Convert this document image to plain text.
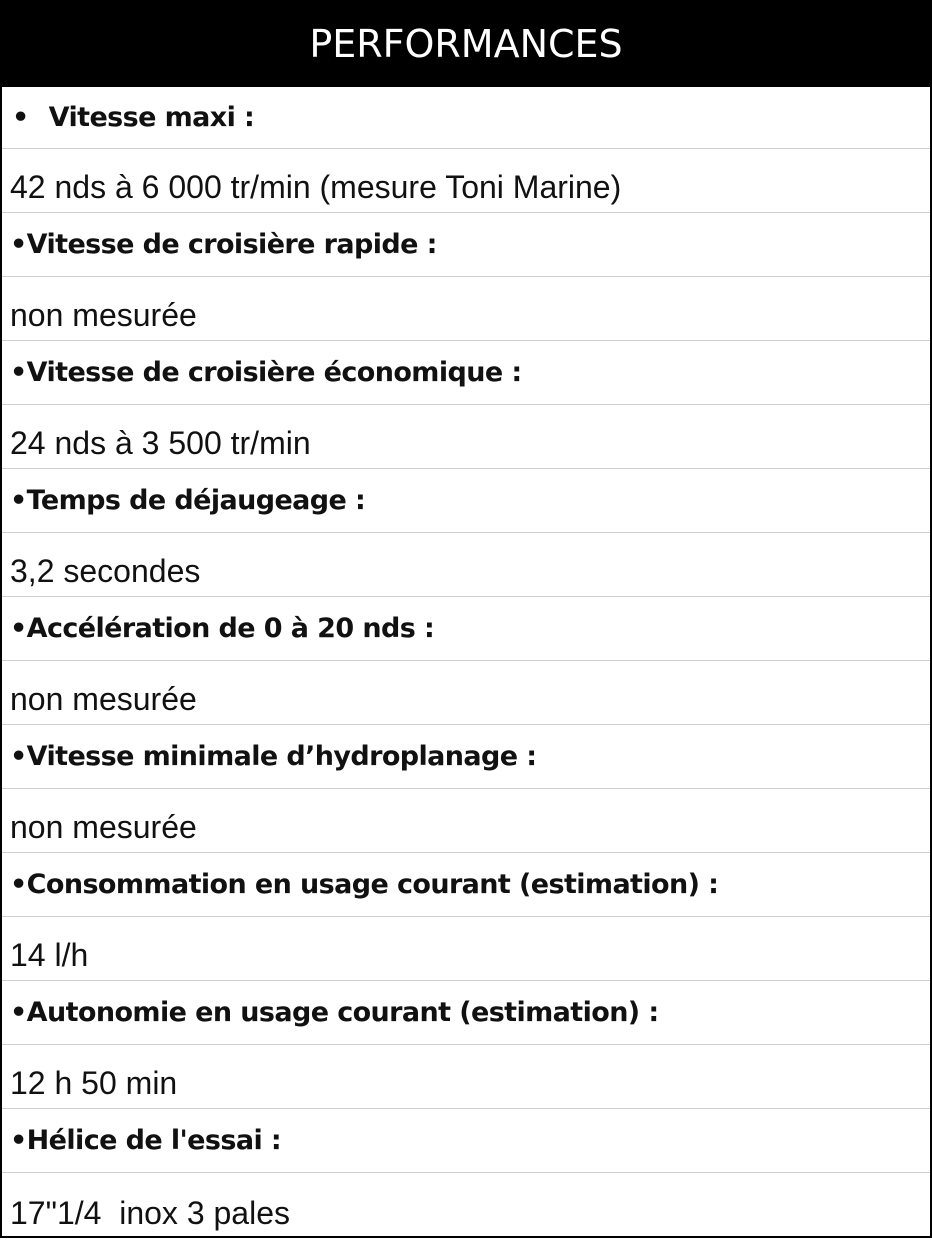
PERFORMANCES
• Vitesse maxi :
42 nds à 6 000 tr/min (mesure Toni Marine)
• Vitesse de croisière rapide :
non mesurée
• Vitesse de croisière économique :
24 nds à 3 500 tr/min
• Temps de déjaugeage :
3,2 secondes
• Accélération de 0 à 20 nds :
non mesurée
• Vitesse minimale d’hydroplanage :
non mesurée
• Consommation en usage courant (estimation) :
14 l/h
• Autonomie en usage courant (estimation) :
12 h 50 min
• Hélice de l'essai :
17"1/4  inox 3 pales
